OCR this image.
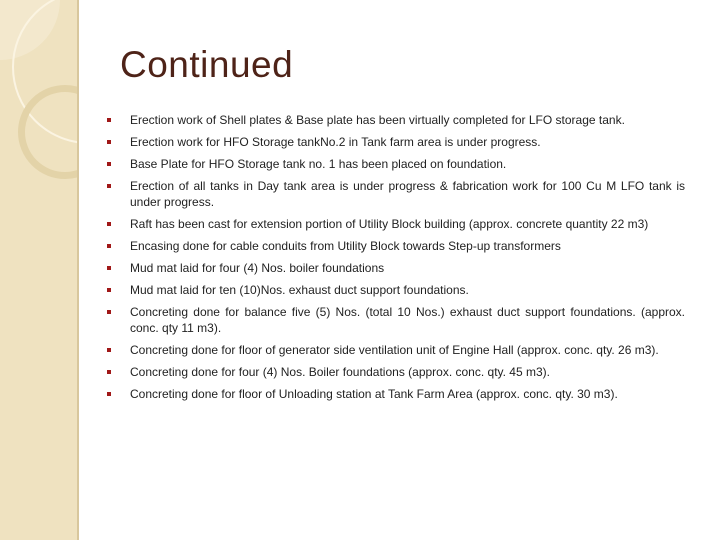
Continued
Erection work of Shell plates & Base plate has been virtually completed for LFO storage tank.
Erection work for HFO Storage tankNo.2 in Tank farm area is under progress.
Base Plate for HFO Storage tank no. 1 has been placed on foundation.
Erection of all tanks in Day tank area is under progress & fabrication work for 100 Cu M LFO tank is under progress.
Raft has been cast for extension portion of Utility Block building (approx. concrete quantity 22 m3)
Encasing done for cable conduits from Utility Block towards Step-up transformers
Mud mat laid for four (4) Nos. boiler foundations
Mud mat laid for ten (10)Nos. exhaust duct support foundations.
Concreting done for balance five (5) Nos. (total 10 Nos.) exhaust duct support foundations. (approx. conc. qty 11 m3).
Concreting done for floor of generator side ventilation unit of Engine Hall (approx. conc. qty. 26 m3).
Concreting done for four (4) Nos. Boiler foundations (approx. conc. qty. 45 m3).
Concreting done for floor of Unloading station at Tank Farm Area (approx. conc. qty. 30 m3).
